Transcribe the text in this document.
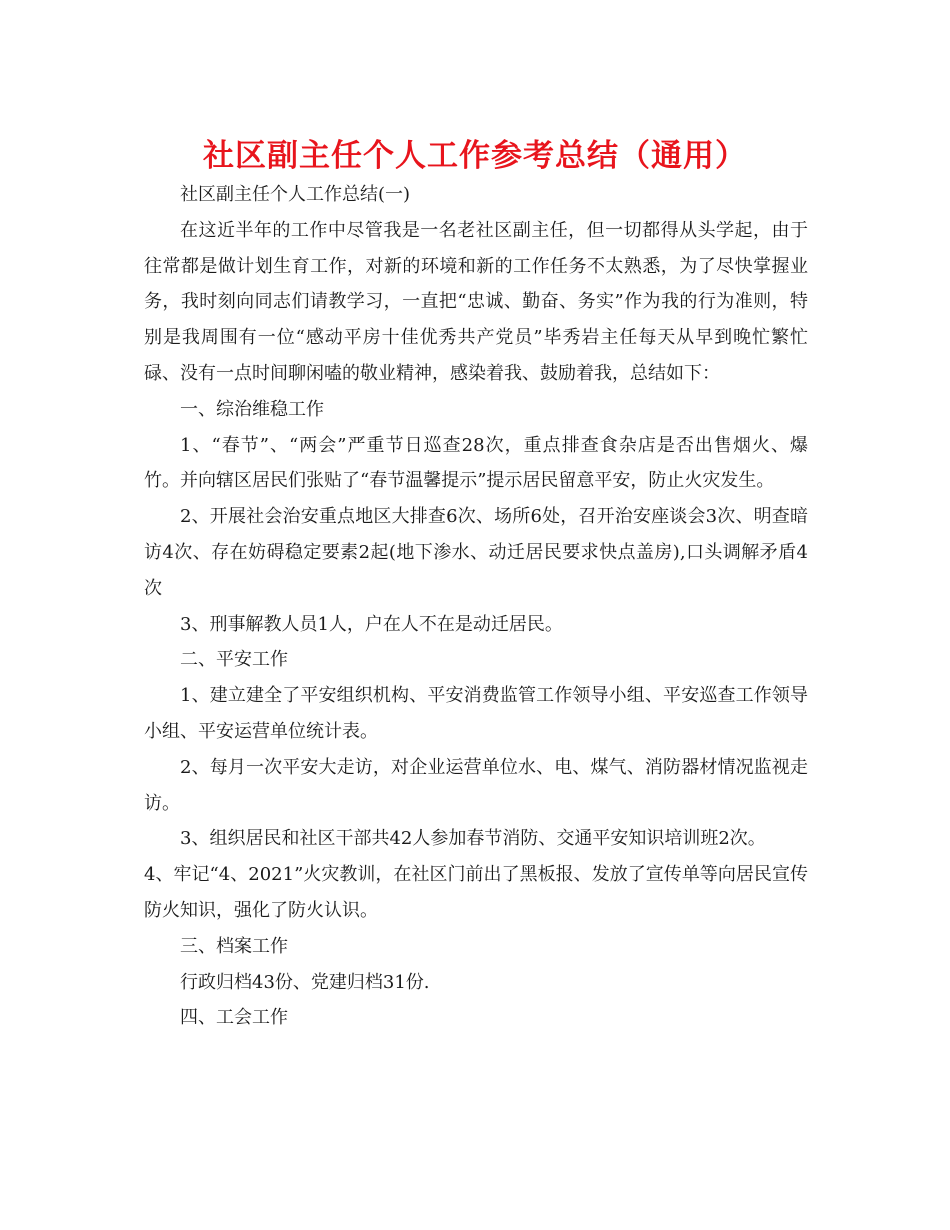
社区副主任个人工作参考总结（通用）

社区副主任个人工作总结(一)

在这近半年的工作中尽管我是一名老社区副主任，但一切都得从头学起，由于往常都是做计划生育工作，对新的环境和新的工作任务不太熟悉，为了尽快掌握业务，我时刻向同志们请教学习，一直把“忠诚、勤奋、务实”作为我的行为准则，特别是我周围有一位“感动平房十佳优秀共产党员”毕秀岩主任每天从早到晚忙繁忙碌、没有一点时间聊闲嗑的敬业精神，感染着我、鼓励着我，总结如下：

一、综治维稳工作

1、“春节”、“两会”严重节日巡查28次，重点排查食杂店是否出售烟火、爆竹。并向辖区居民们张贴了“春节温馨提示”提示居民留意平安，防止火灾发生。

2、开展社会治安重点地区大排查6次、场所6处，召开治安座谈会3次、明查暗访4次、存在妨碍稳定要素2起(地下渗水、动迁居民要求快点盖房),口头调解矛盾4次

3、刑事解教人员1人，户在人不在是动迁居民。

二、平安工作

1、建立建全了平安组织机构、平安消费监管工作领导小组、平安巡查工作领导小组、平安运营单位统计表。

2、每月一次平安大走访，对企业运营单位水、电、煤气、消防器材情况监视走访。

3、组织居民和社区干部共42人参加春节消防、交通平安知识培训班2次。

4、牢记“4、2021”火灾教训，在社区门前出了黑板报、发放了宣传单等向居民宣传防火知识，强化了防火认识。

三、档案工作

行政归档43份、党建归档31份.

四、工会工作
